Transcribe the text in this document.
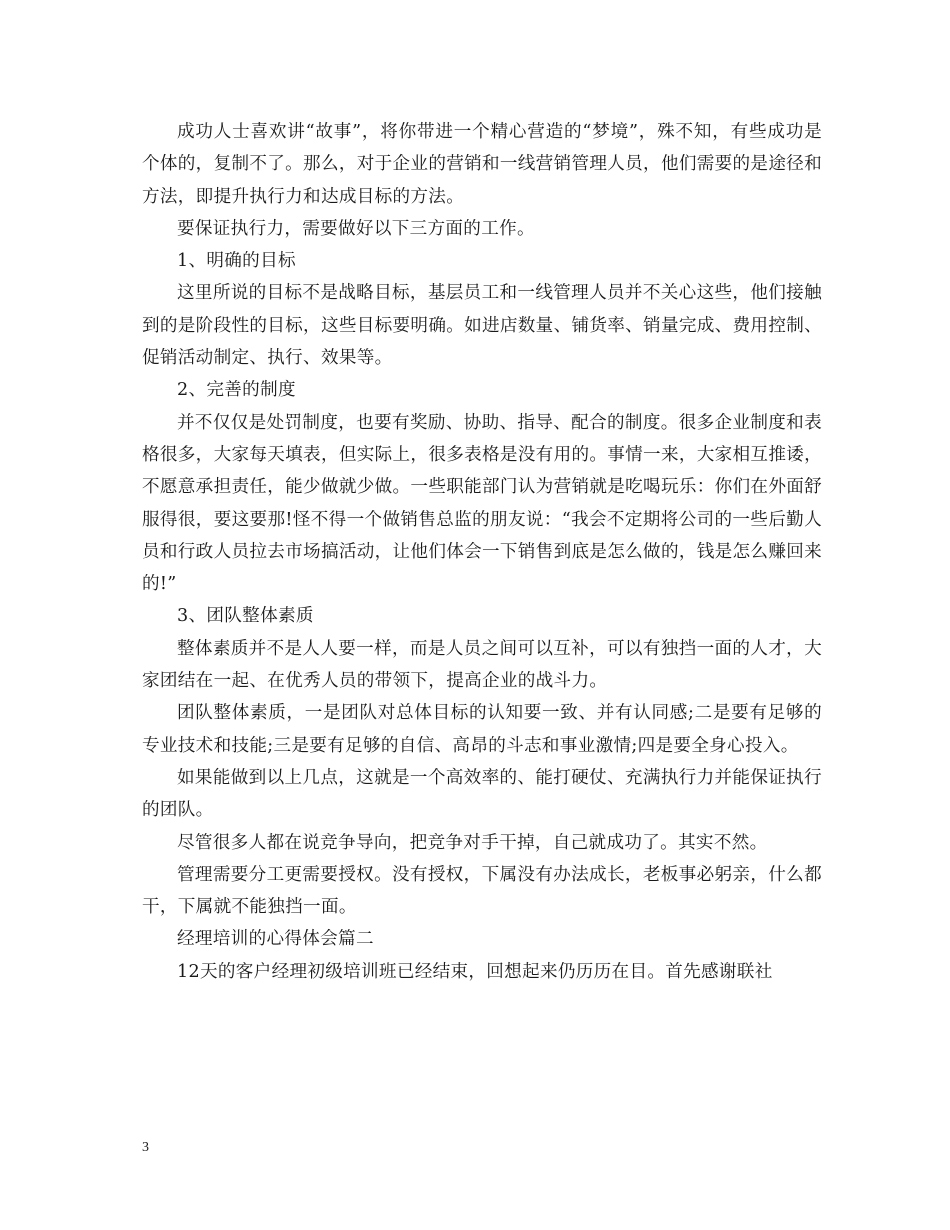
成功人士喜欢讲“故事”，将你带进一个精心营造的“梦境”，殊不知，有些成功是个体的，复制不了。那么，对于企业的营销和一线营销管理人员，他们需要的是途径和方法，即提升执行力和达成目标的方法。

要保证执行力，需要做好以下三方面的工作。

1、明确的目标

这里所说的目标不是战略目标，基层员工和一线管理人员并不关心这些，他们接触到的是阶段性的目标，这些目标要明确。如进店数量、铺货率、销量完成、费用控制、促销活动制定、执行、效果等。

2、完善的制度

并不仅仅是处罚制度，也要有奖励、协助、指导、配合的制度。很多企业制度和表格很多，大家每天填表，但实际上，很多表格是没有用的。事情一来，大家相互推诿，不愿意承担责任，能少做就少做。一些职能部门认为营销就是吃喝玩乐：你们在外面舒服得很，要这要那!怪不得一个做销售总监的朋友说：“我会不定期将公司的一些后勤人员和行政人员拉去市场搞活动，让他们体会一下销售到底是怎么做的，钱是怎么赚回来的!”

3、团队整体素质

整体素质并不是人人要一样，而是人员之间可以互补，可以有独挡一面的人才，大家团结在一起、在优秀人员的带领下，提高企业的战斗力。

团队整体素质，一是团队对总体目标的认知要一致、并有认同感;二是要有足够的专业技术和技能;三是要有足够的自信、高昂的斗志和事业激情;四是要全身心投入。

如果能做到以上几点，这就是一个高效率的、能打硬仗、充满执行力并能保证执行的团队。

尽管很多人都在说竞争导向，把竞争对手干掉，自己就成功了。其实不然。

管理需要分工更需要授权。没有授权，下属没有办法成长，老板事必躬亲，什么都干，下属就不能独挡一面。

经理培训的心得体会篇二

12天的客户经理初级培训班已经结束，回想起来仍历历在目。首先感谢联社

3
